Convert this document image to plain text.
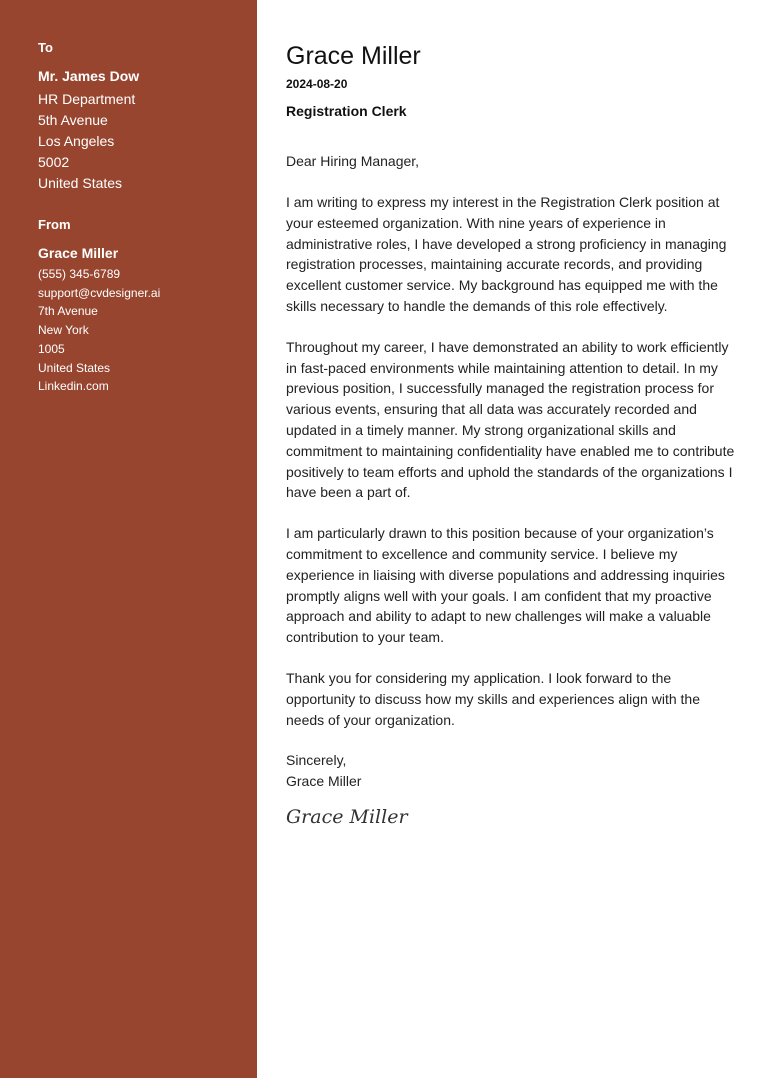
To
Mr. James Dow
HR Department
5th Avenue
Los Angeles
5002
United States
From
Grace Miller
(555) 345-6789
support@cvdesigner.ai
7th Avenue
New York
1005
United States
Linkedin.com
Grace Miller
2024-08-20
Registration Clerk
Dear Hiring Manager,
I am writing to express my interest in the Registration Clerk position at your esteemed organization. With nine years of experience in administrative roles, I have developed a strong proficiency in managing registration processes, maintaining accurate records, and providing excellent customer service. My background has equipped me with the skills necessary to handle the demands of this role effectively.
Throughout my career, I have demonstrated an ability to work efficiently in fast-paced environments while maintaining attention to detail. In my previous position, I successfully managed the registration process for various events, ensuring that all data was accurately recorded and updated in a timely manner. My strong organizational skills and commitment to maintaining confidentiality have enabled me to contribute positively to team efforts and uphold the standards of the organizations I have been a part of.
I am particularly drawn to this position because of your organization’s commitment to excellence and community service. I believe my experience in liaising with diverse populations and addressing inquiries promptly aligns well with your goals. I am confident that my proactive approach and ability to adapt to new challenges will make a valuable contribution to your team.
Thank you for considering my application. I look forward to the opportunity to discuss how my skills and experiences align with the needs of your organization.
Sincerely,
Grace Miller
Grace Miller
